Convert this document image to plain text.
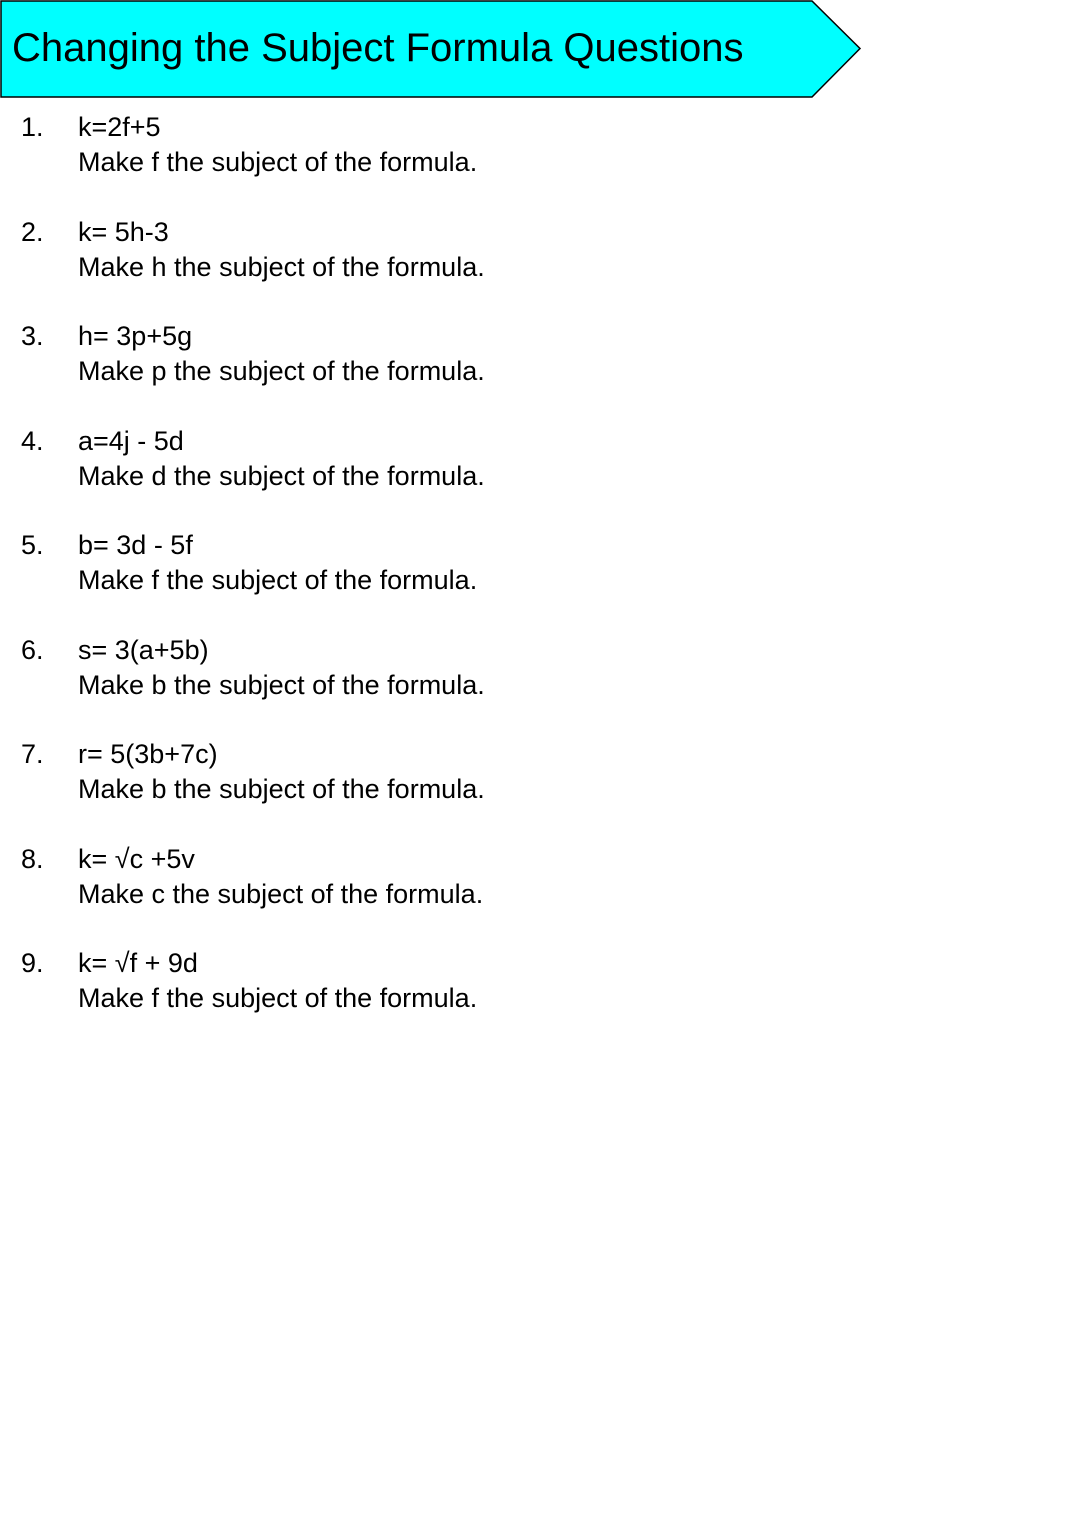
Changing the Subject Formula Questions
1. k=2f+5
Make f the subject of the formula.
2. k= 5h-3
Make h the subject of the formula.
3. h= 3p+5g
Make p the subject of the formula.
4. a=4j - 5d
Make d the subject of the formula.
5. b= 3d - 5f
Make f the subject of the formula.
6. s= 3(a+5b)
Make b the subject of the formula.
7. r= 5(3b+7c)
Make b the subject of the formula.
8. k= √c +5v
Make c the subject of the formula.
9. k= √f + 9d
Make f the subject of the formula.
